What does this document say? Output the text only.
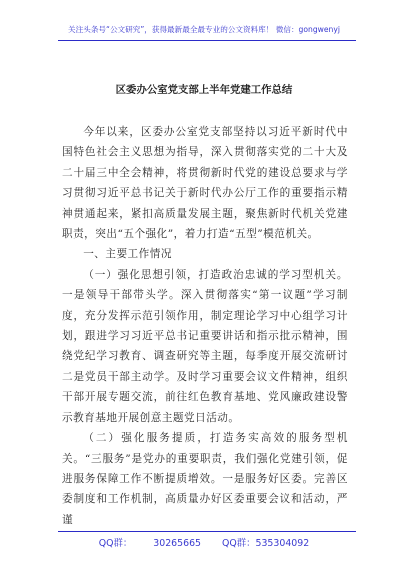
关注头条号“公文研究”，获得最新最全最专业的公文资料库！ 微信：gongwenyj
区委办公室党支部上半年党建工作总结

今年以来，区委办公室党支部坚持以习近平新时代中国特色社会主义思想为指导，深入贯彻落实党的二十大及二十届三中全会精神，将贯彻新时代党的建设总要求与学习贯彻习近平总书记关于新时代办公厅工作的重要指示精神贯通起来，紧扣高质量发展主题，聚焦新时代机关党建职责，突出“五个强化”，着力打造“五型”模范机关。

一、主要工作情况

（一）强化思想引领，打造政治忠诚的学习型机关。一是领导干部带头学。深入贯彻落实“第一议题”学习制度，充分发挥示范引领作用，制定理论学习中心组学习计划，跟进学习习近平总书记重要讲话和指示批示精神，围绕党纪学习教育、调查研究等主题，每季度开展交流研讨二是党员干部主动学。及时学习重要会议文件精神，组织干部开展专题交流，前往红色教育基地、党风廉政建设警示教育基地开展创意主题党日活动。

（二）强化服务提质，打造务实高效的服务型机关。“三服务”是党办的重要职责，我们强化党建引领，促进服务保障工作不断提质增效。一是服务好区委。完善区委制度和工作机制，高质量办好区委重要会议和活动，严谨

QQ群： 30265665 QQ群：535304092
